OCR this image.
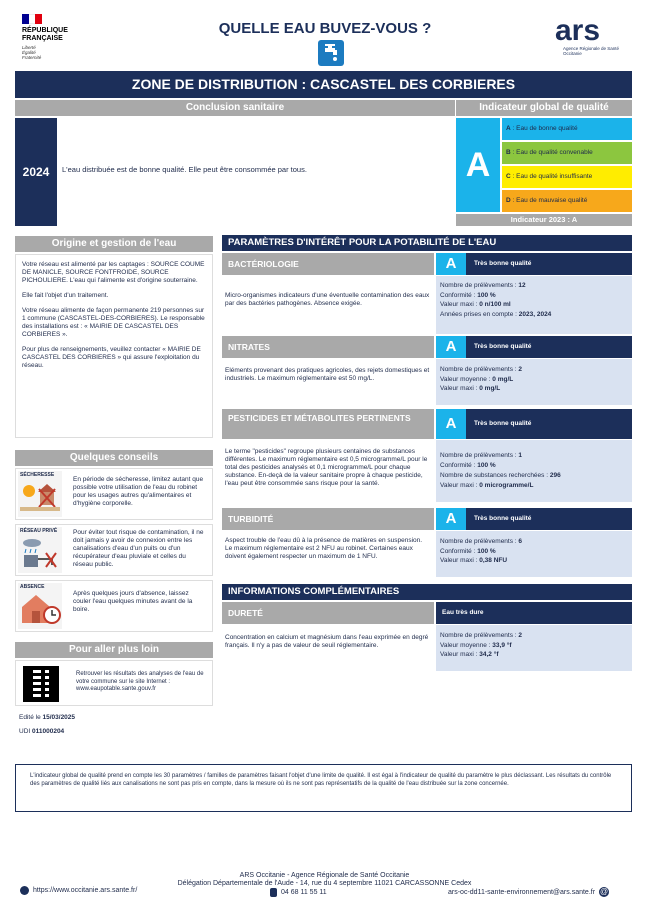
RÉPUBLIQUE
FRANÇAISE
Liberté
Égalité
Fraternité
QUELLE EAU BUVEZ-VOUS ?	ars
Agence Régionale de Santé
Occitanie
ZONE DE DISTRIBUTION : CASCASTEL DES CORBIERES
Conclusion sanitaire	Indicateur global de qualité
2024	L'eau distribuée est de bonne qualité. Elle peut être consommée par tous.	A
A : Eau de bonne qualité
B : Eau de qualité convenable
C : Eau de qualité insuffisante
D : Eau de mauvaise qualité
Indicateur 2023 : A
Origine et gestion de l'eau

Votre réseau est alimenté par les captages : SOURCE COUME DE MANICLE, SOURCE FONTFROIDE, SOURCE PICHOULIERE. L'eau qui l'alimente est d'origine souterraine.

Elle fait l'objet d'un traitement.

Votre réseau alimente de façon permanente 219 personnes sur 1 commune (CASCASTEL-DES-CORBIERES). Le responsable des installations est : « MAIRIE DE CASCASTEL DES CORBIERES ».

Pour plus de renseignements, veuillez contacter « MAIRIE DE CASCASTEL DES CORBIERES » qui assure l'exploitation du réseau.

Quelques conseils
SÉCHERESSE
En période de sécheresse, limitez autant que possible votre utilisation de l'eau du robinet pour les usages autres qu'alimentaires et d'hygiène corporelle.
RÉSEAU PRIVÉ	Pour éviter tout risque de contamination, il ne doit jamais y avoir de connexion entre les canalisations d'eau d'un puits ou d'un récupérateur d'eau pluviale et celles du réseau public.
ABSENCE
Après quelques jours d'absence, laissez couler l'eau quelques minutes avant de la boire.
Pour aller plus loin
Retrouver les résultats des analyses de l'eau de votre commune sur le site Internet : www.eaupotable.sante.gouv.fr
Edité le 15/03/2025
UDI 011000204
PARAMÈTRES D'INTÉRÊT POUR LA POTABILITÉ DE L'EAU
BACTÉRIOLOGIE	A	Très bonne qualité
Micro-organismes indicateurs d'une éventuelle contamination des eaux par des bactéries pathogènes. Absence exigée.
Nombre de prélèvements : 12
Conformité : 100 %
Valeur maxi : 0 n/100 ml
Années prises en compte : 2023, 2024
NITRATES	A	Très bonne qualité
Eléments provenant des pratiques agricoles, des rejets domestiques et industriels. Le maximum réglementaire est 50 mg/L.
Nombre de prélèvements : 2
Valeur moyenne : 0 mg/L
Valeur maxi : 0 mg/L
PESTICIDES ET MÉTABOLITES PERTINENTS	A	Très bonne qualité
Le terme "pesticides" regroupe plusieurs centaines de substances différentes. Le maximum réglementaire est 0,5 microgramme/L pour le total des pesticides analysés et 0,1 microgramme/L pour chaque substance. En-deçà de la valeur sanitaire propre à chaque pesticide, l'eau peut être consommée sans risque pour la santé.
Nombre de prélèvements : 1
Conformité : 100 %
Nombre de substances recherchées : 296
Valeur maxi : 0 microgramme/L
TURBIDITÉ	A	Très bonne qualité
Aspect trouble de l'eau dû à la présence de matières en suspension. Le maximum réglementaire est 2 NFU au robinet. Certaines eaux doivent également respecter un maximum de 1 NFU.
Nombre de prélèvements : 6
Conformité : 100 %
Valeur maxi : 0,38 NFU
INFORMATIONS COMPLÉMENTAIRES
DURETÉ	Eau très dure
Concentration en calcium et magnésium dans l'eau exprimée en degré français. Il n'y a pas de valeur de seuil réglementaire.
Nombre de prélèvements : 2
Valeur moyenne : 33,9 °f
Valeur maxi : 34,2 °f
L'indicateur global de qualité prend en compte les 30 paramètres / familles de paramètres faisant l'objet d'une limite de qualité. Il est égal à l'indicateur de qualité du paramètre le plus déclassant. Les résultats du contrôle des paramètres de qualité liés aux canalisations ne sont pas pris en compte, dans la mesure où ils ne sont pas représentatifs de la qualité de l'eau distribuée sur la zone concernée.
ARS Occitanie - Agence Régionale de Santé Occitanie
Délégation Départementale de l'Aude - 14, rue du 4 septembre 11021 CARCASSONNE Cedex
https://www.occitanie.ars.sante.fr/	04 68 11 55 11	ars-oc-dd11-sante-environnement@ars.sante.fr @
